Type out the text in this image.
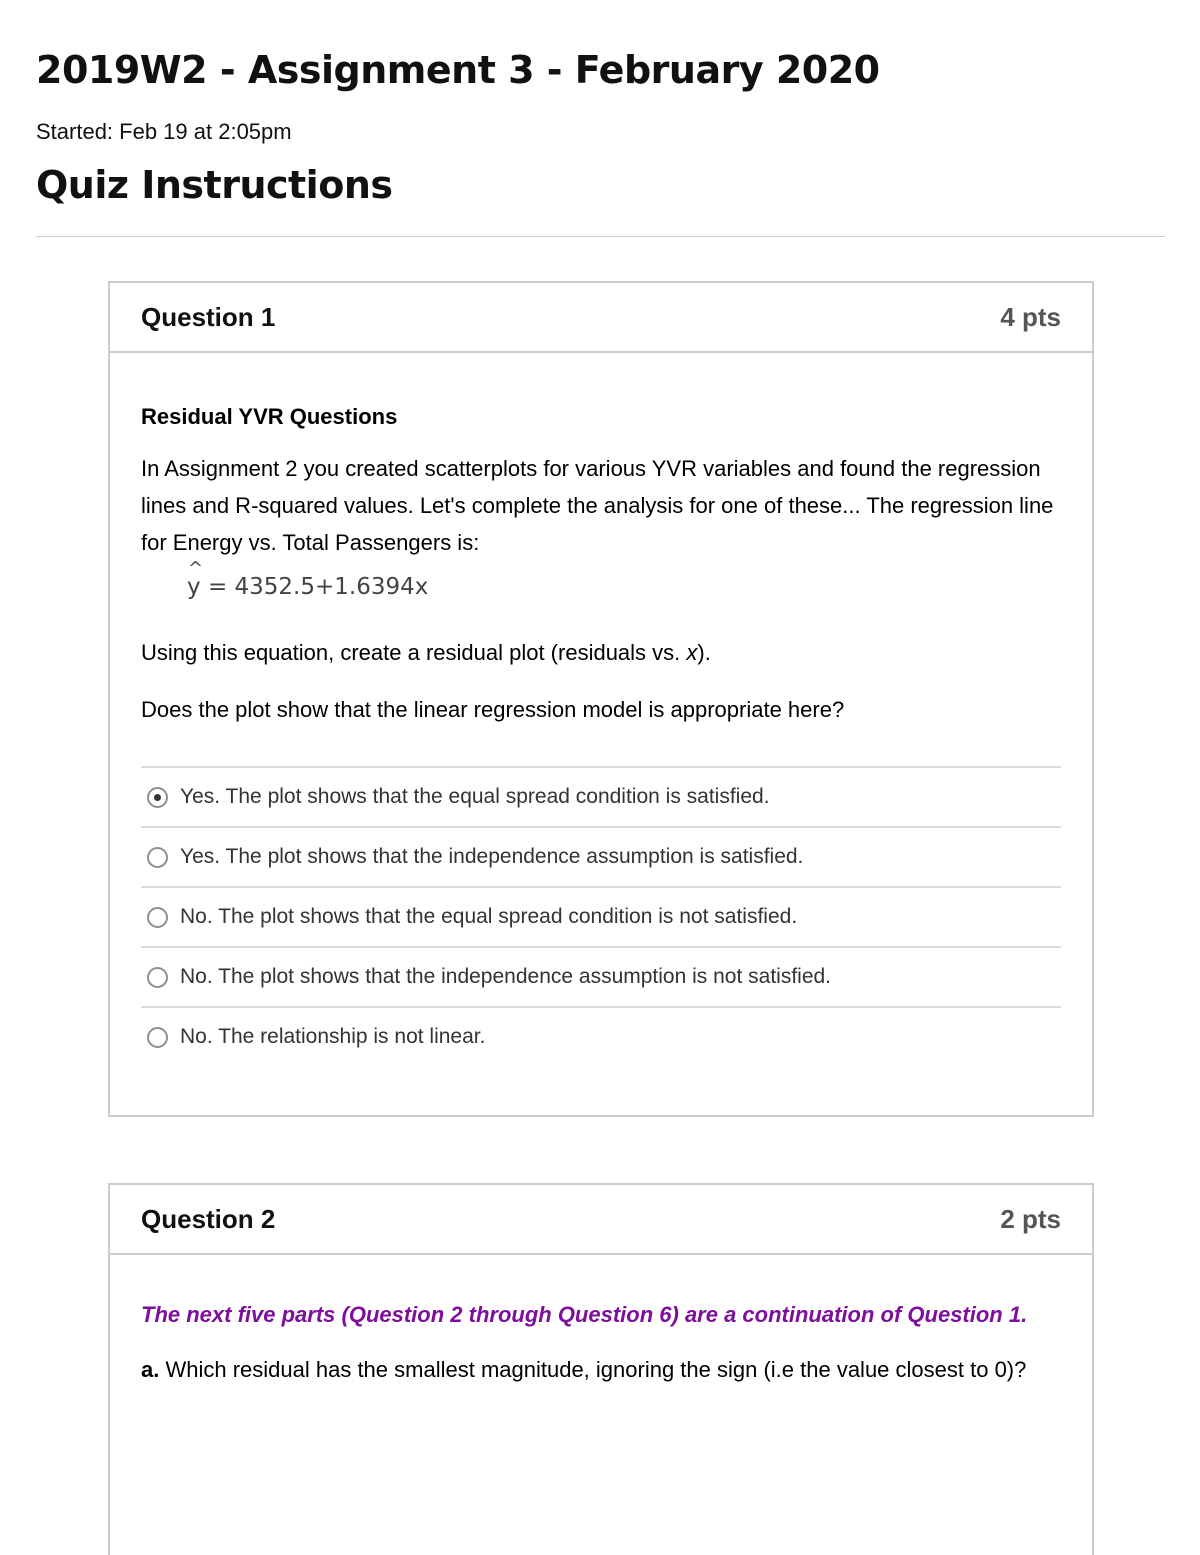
2019W2 - Assignment 3 - February 2020
Started: Feb 19 at 2:05pm
Quiz Instructions
Question 1	4 pts

Residual YVR Questions

In Assignment 2 you created scatterplots for various YVR variables and found the regression lines and R-squared values. Let's complete the analysis for one of these... The regression line for Energy vs. Total Passengers is:

^ y = 4352.5+1.6394x

Using this equation, create a residual plot (residuals vs. x).

Does the plot show that the linear regression model is appropriate here?

Yes. The plot shows that the equal spread condition is satisfied.
Yes. The plot shows that the independence assumption is satisfied.
No. The plot shows that the equal spread condition is not satisfied.
No. The plot shows that the independence assumption is not satisfied.
No. The relationship is not linear.
Question 2	2 pts

The next five parts (Question 2 through Question 6) are a continuation of Question 1.

a. Which residual has the smallest magnitude, ignoring the sign (i.e the value closest to 0)?
